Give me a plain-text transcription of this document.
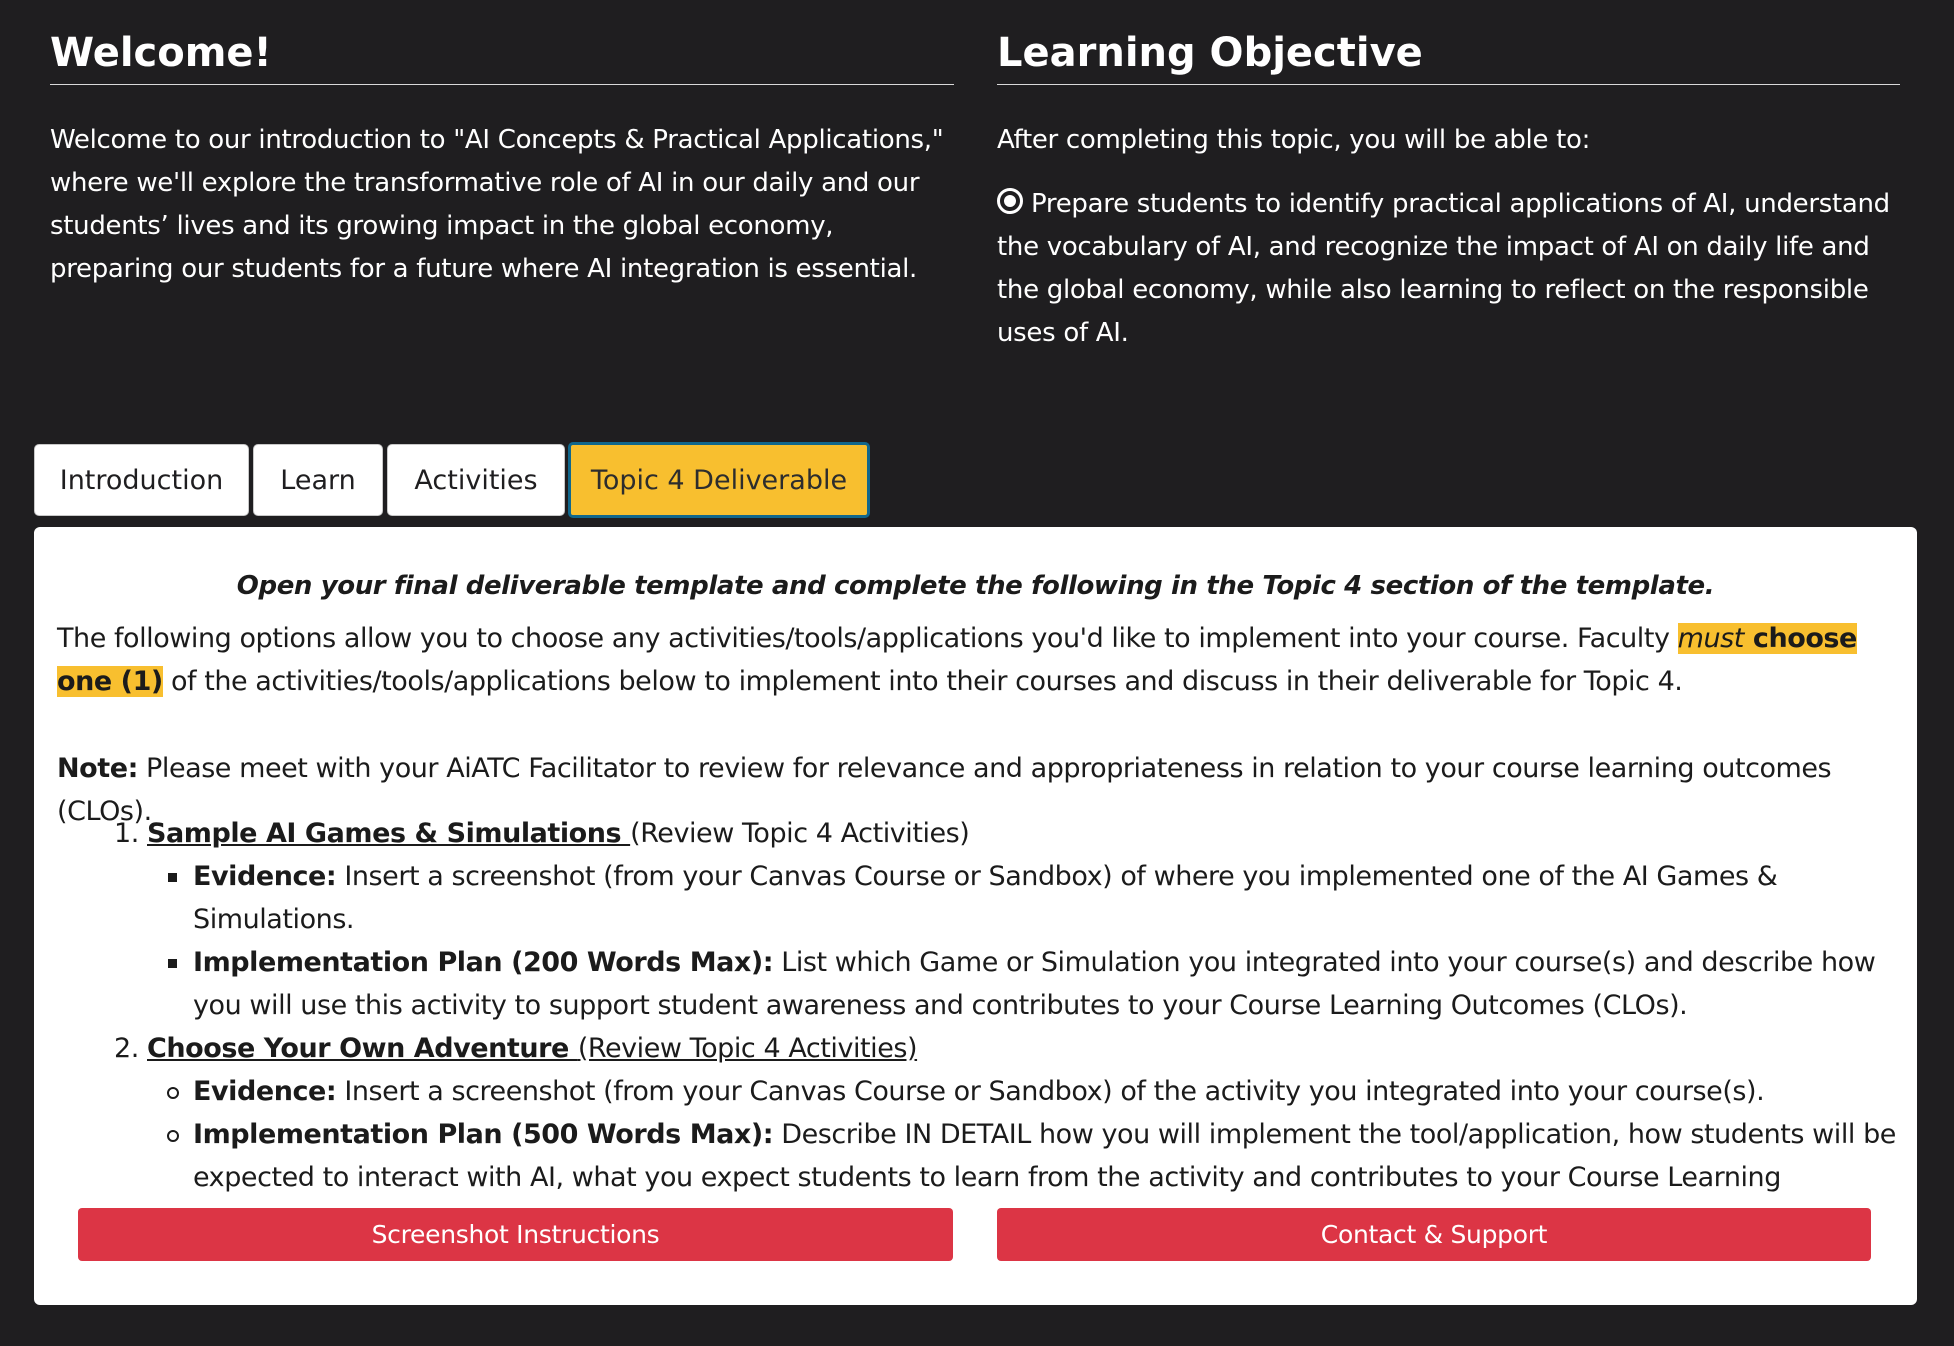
Welcome!

Welcome to our introduction to "AI Concepts & Practical Applications," where we'll explore the transformative role of AI in our daily and our students’ lives and its growing impact in the global economy, preparing our students for a future where AI integration is essential.

Learning Objective

After completing this topic, you will be able to:

Prepare students to identify practical applications of AI, understand the vocabulary of AI, and recognize the impact of AI on daily life and the global economy, while also learning to reflect on the responsible uses of AI.

Introduction	Learn	Activities	Topic 4 Deliverable
Open your final deliverable template and complete the following in the Topic 4 section of the template.

The following options allow you to choose any activities/tools/applications you'd like to implement into your course. Faculty must choose one (1) of the activities/tools/applications below to implement into their courses and discuss in their deliverable for Topic 4.

Note: Please meet with your AiATC Facilitator to review for relevance and appropriateness in relation to your course learning outcomes (CLOs).

1. Sample AI Games & Simulations (Review Topic 4 Activities)
Evidence: Insert a screenshot (from your Canvas Course or Sandbox) of where you implemented one of the AI Games & Simulations.
Implementation Plan (200 Words Max): List which Game or Simulation you integrated into your course(s) and describe how you will use this activity to support student awareness and contributes to your Course Learning Outcomes (CLOs).
2. Choose Your Own Adventure (Review Topic 4 Activities)
Evidence: Insert a screenshot (from your Canvas Course or Sandbox) of the activity you integrated into your course(s).
Implementation Plan (500 Words Max): Describe IN DETAIL how you will implement the tool/application, how students will be expected to interact with AI, what you expect students to learn from the activity and contributes to your Course Learning
Screenshot Instructions	Contact & Support
